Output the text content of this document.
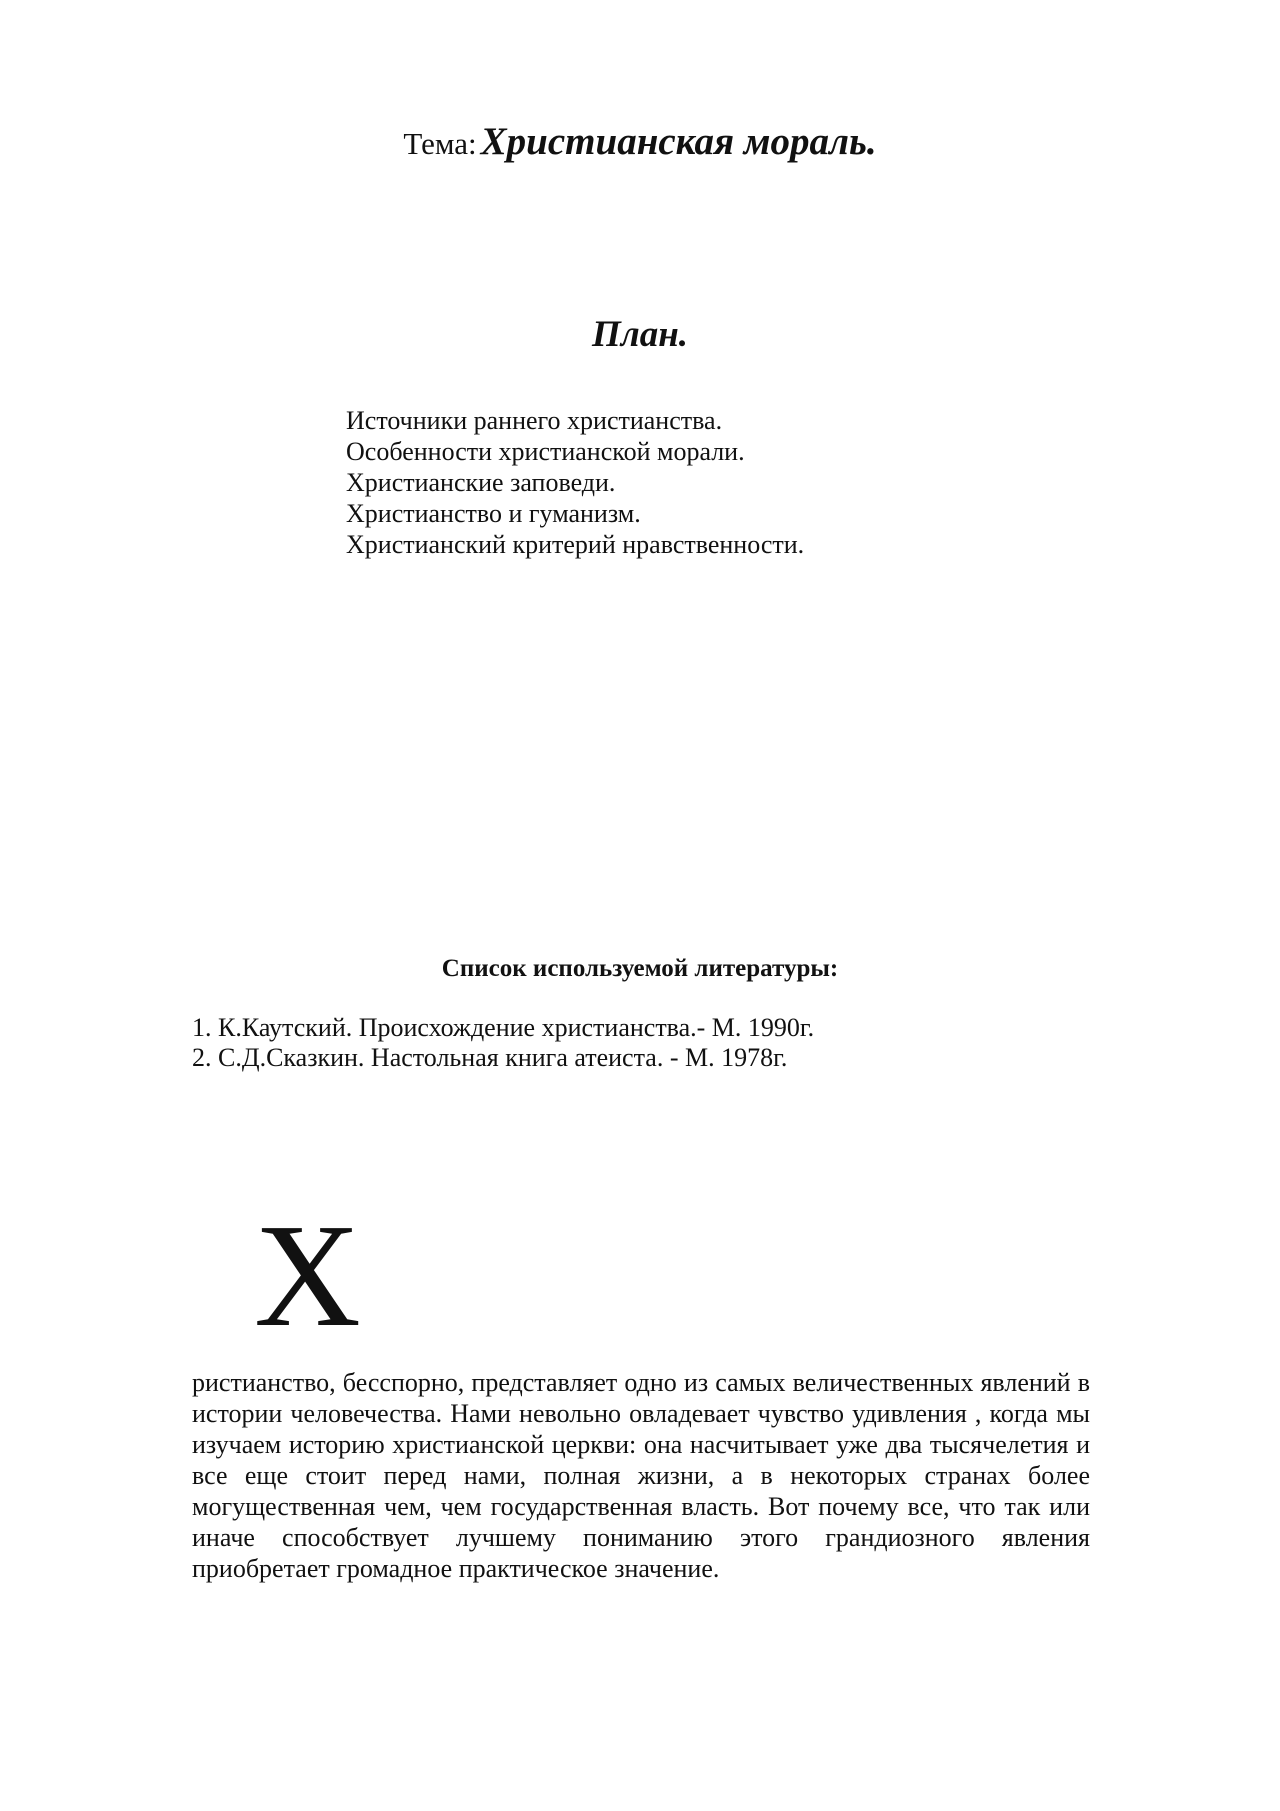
Тема: Христианская мораль.
План.
Источники раннего христианства.
Особенности христианской морали.
Христианские заповеди.
Христианство и гуманизм.
Христианский критерий нравственности.
Список используемой литературы:
1. К.Каутский. Происхождение христианства.- М. 1990г.
2. С.Д.Сказкин. Настольная книга атеиста. - М. 1978г.
Х

ристианство, бесспорно, представляет одно из самых величественных явлений в истории человечества. Нами невольно овладевает чувство удивления , когда мы изучаем историю христианской церкви: она насчитывает уже два тысячелетия и все еще стоит перед нами, полная жизни, а в некоторых странах более могущественная чем, чем государственная власть. Вот почему все, что так или иначе способствует лучшему пониманию этого грандиозного явления приобретает громадное практическое значение.
